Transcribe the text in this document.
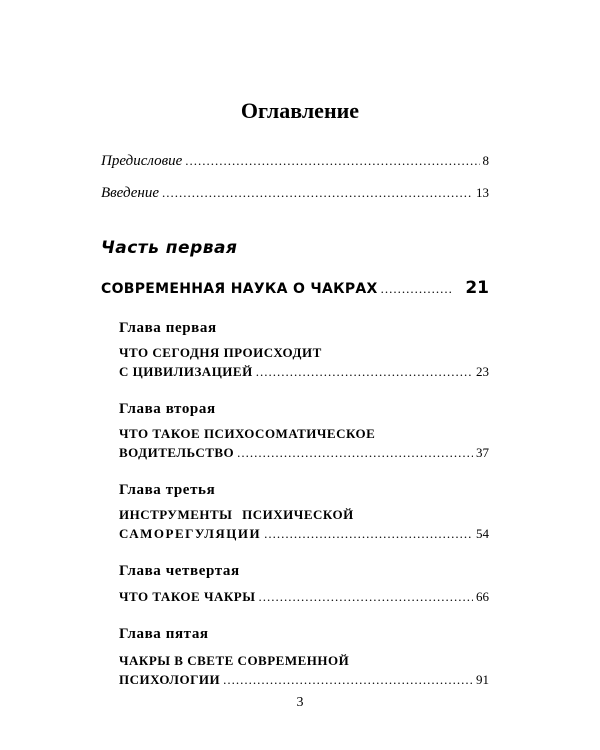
Оглавление
Предисловие .....	8
Введение .....	13
Часть первая
СОВРЕМЕННАЯ НАУКА О ЧАКРАХ .....	21
Глава первая
ЧТО СЕГОДНЯ ПРОИСХОДИТ
С ЦИВИЛИЗАЦИЕЙ .....	23
Глава вторая
ЧТО ТАКОЕ ПСИХОСОМАТИЧЕСКОЕ
ВОДИТЕЛЬСТВО .....	37
Глава третья
ИНСТРУМЕНТЫ ПСИХИЧЕСКОЙ
САМОРЕГУЛЯЦИИ .....	54
Глава четвертая
ЧТО ТАКОЕ ЧАКРЫ .....	66
Глава пятая
ЧАКРЫ В СВЕТЕ СОВРЕМЕННОЙ
ПСИХОЛОГИИ .....	91
3
